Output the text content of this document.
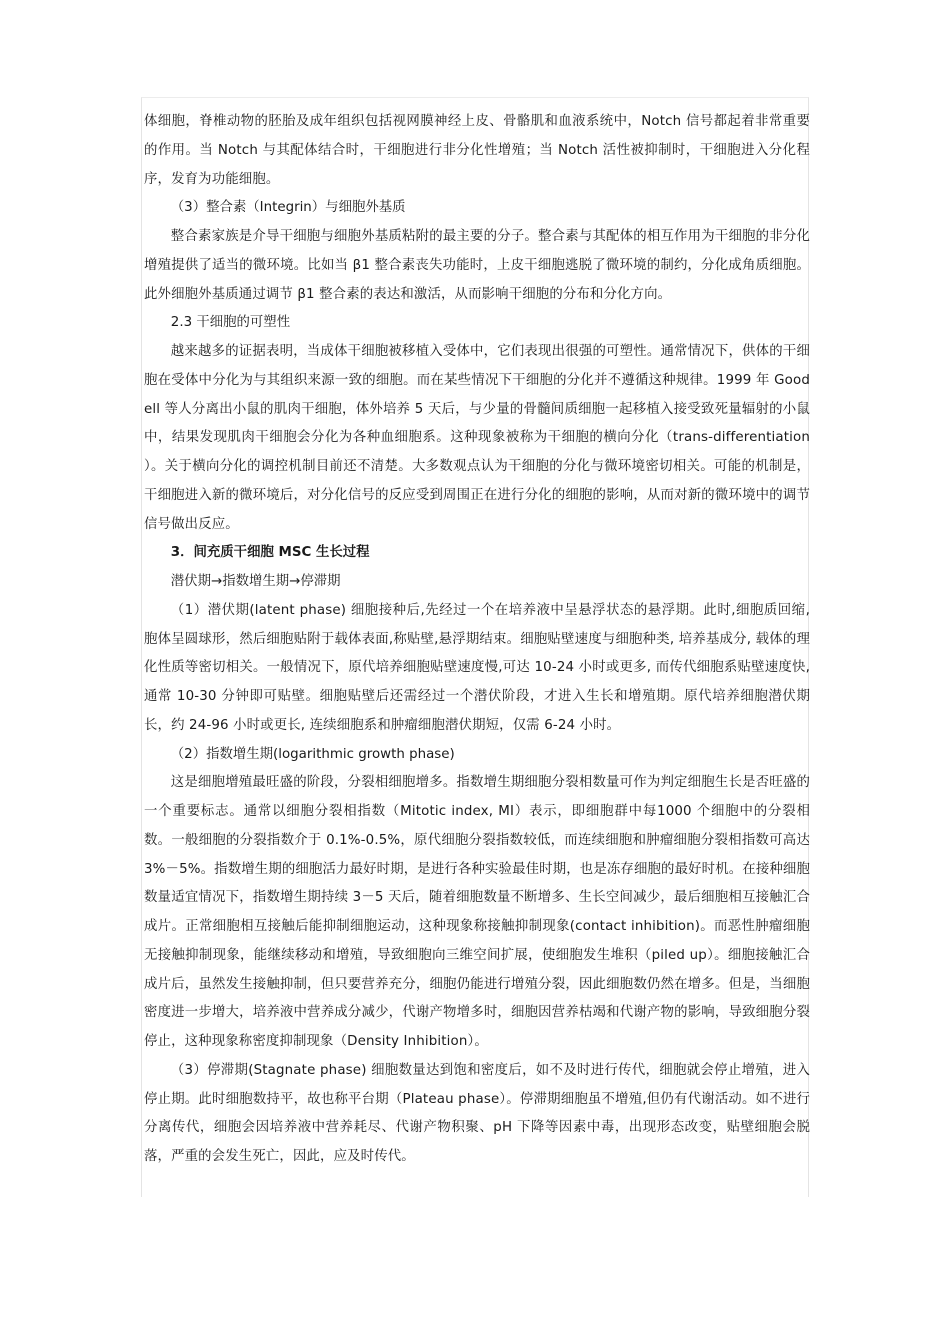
体细胞，脊椎动物的胚胎及成年组织包括视网膜神经上皮、骨骼肌和血液系统中，Notch 信号都起着非常重要的作用。当 Notch 与其配体结合时，干细胞进行非分化性增殖；当 Notch 活性被抑制时，干细胞进入分化程序，发育为功能细胞。

（3）整合素（Integrin）与细胞外基质

整合素家族是介导干细胞与细胞外基质粘附的最主要的分子。整合素与其配体的相互作用为干细胞的非分化增殖提供了适当的微环境。比如当 β1 整合素丧失功能时，上皮干细胞逃脱了微环境的制约，分化成角质细胞。此外细胞外基质通过调节 β1 整合素的表达和激活，从而影响干细胞的分布和分化方向。

2.3 干细胞的可塑性

越来越多的证据表明，当成体干细胞被移植入受体中，它们表现出很强的可塑性。通常情况下，供体的干细胞在受体中分化为与其组织来源一致的细胞。而在某些情况下干细胞的分化并不遵循这种规律。1999 年 Goodell 等人分离出小鼠的肌肉干细胞，体外培养 5 天后，与少量的骨髓间质细胞一起移植入接受致死量辐射的小鼠中，结果发现肌肉干细胞会分化为各种血细胞系。这种现象被称为干细胞的横向分化（trans-differentiation ）。关于横向分化的调控机制目前还不清楚。大多数观点认为干细胞的分化与微环境密切相关。可能的机制是，干细胞进入新的微环境后，对分化信号的反应受到周围正在进行分化的细胞的影响，从而对新的微环境中的调节信号做出反应。

3．间充质干细胞 MSC 生长过程

潜伏期→指数增生期→停滞期

（1）潜伏期(latent phase) 细胞接种后,先经过一个在培养液中呈悬浮状态的悬浮期。此时,细胞质回缩, 胞体呈圆球形，然后细胞贴附于载体表面,称贴壁,悬浮期结束。细胞贴壁速度与细胞种类, 培养基成分, 载体的理化性质等密切相关。一般情况下，原代培养细胞贴壁速度慢,可达 10-24 小时或更多, 而传代细胞系贴壁速度快, 通常 10-30 分钟即可贴壁。细胞贴壁后还需经过一个潜伏阶段，才进入生长和增殖期。原代培养细胞潜伏期长，约 24-96 小时或更长, 连续细胞系和肿瘤细胞潜伏期短，仅需 6-24 小时。

（2）指数增生期(logarithmic growth phase)

这是细胞增殖最旺盛的阶段，分裂相细胞增多。指数增生期细胞分裂相数量可作为判定细胞生长是否旺盛的一个重要标志。通常以细胞分裂相指数（Mitotic index, MI）表示，即细胞群中每1000 个细胞中的分裂相数。一般细胞的分裂指数介于 0.1%-0.5%，原代细胞分裂指数较低，而连续细胞和肿瘤细胞分裂相指数可高达 3%－5%。指数增生期的细胞活力最好时期，是进行各种实验最佳时期，也是冻存细胞的最好时机。在接种细胞数量适宜情况下，指数增生期持续 3－5 天后，随着细胞数量不断增多、生长空间减少，最后细胞相互接触汇合成片。正常细胞相互接触后能抑制细胞运动，这种现象称接触抑制现象(contact inhibition)。而恶性肿瘤细胞无接触抑制现象，能继续移动和增殖，导致细胞向三维空间扩展，使细胞发生堆积（piled up）。细胞接触汇合成片后，虽然发生接触抑制，但只要营养充分，细胞仍能进行增殖分裂，因此细胞数仍然在增多。但是，当细胞密度进一步增大，培养液中营养成分减少，代谢产物增多时，细胞因营养枯竭和代谢产物的影响，导致细胞分裂停止，这种现象称密度抑制现象（Density Inhibition）。

（3）停滞期(Stagnate phase) 细胞数量达到饱和密度后，如不及时进行传代，细胞就会停止增殖，进入停止期。此时细胞数持平，故也称平台期（Plateau phase）。停滞期细胞虽不增殖,但仍有代谢活动。如不进行分离传代，细胞会因培养液中营养耗尽、代谢产物积聚、pH 下降等因素中毒，出现形态改变，贴壁细胞会脱落，严重的会发生死亡，因此，应及时传代。
